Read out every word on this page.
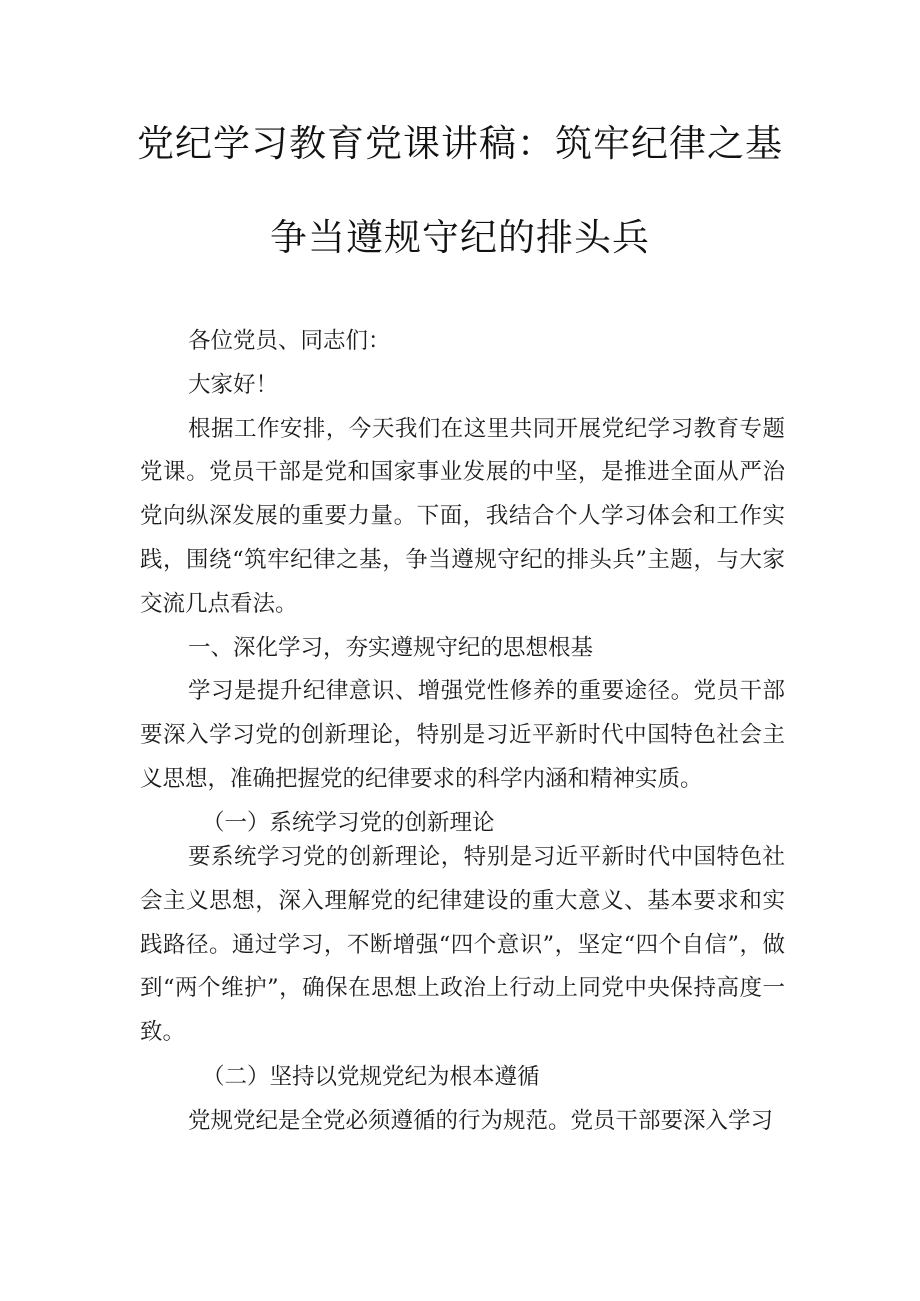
党纪学习教育党课讲稿：筑牢纪律之基
争当遵规守纪的排头兵

各位党员、同志们：

大家好！

根据工作安排，今天我们在这里共同开展党纪学习教育专题党课。党员干部是党和国家事业发展的中坚，是推进全面从严治党向纵深发展的重要力量。下面，我结合个人学习体会和工作实践，围绕“筑牢纪律之基，争当遵规守纪的排头兵”主题，与大家交流几点看法。

一、深化学习，夯实遵规守纪的思想根基

学习是提升纪律意识、增强党性修养的重要途径。党员干部要深入学习党的创新理论，特别是习近平新时代中国特色社会主义思想，准确把握党的纪律要求的科学内涵和精神实质。

（一）系统学习党的创新理论

要系统学习党的创新理论，特别是习近平新时代中国特色社会主义思想，深入理解党的纪律建设的重大意义、基本要求和实践路径。通过学习，不断增强“四个意识”，坚定“四个自信”，做到“两个维护”，确保在思想上政治上行动上同党中央保持高度一致。

（二）坚持以党规党纪为根本遵循

党规党纪是全党必须遵循的行为规范。党员干部要深入学习
